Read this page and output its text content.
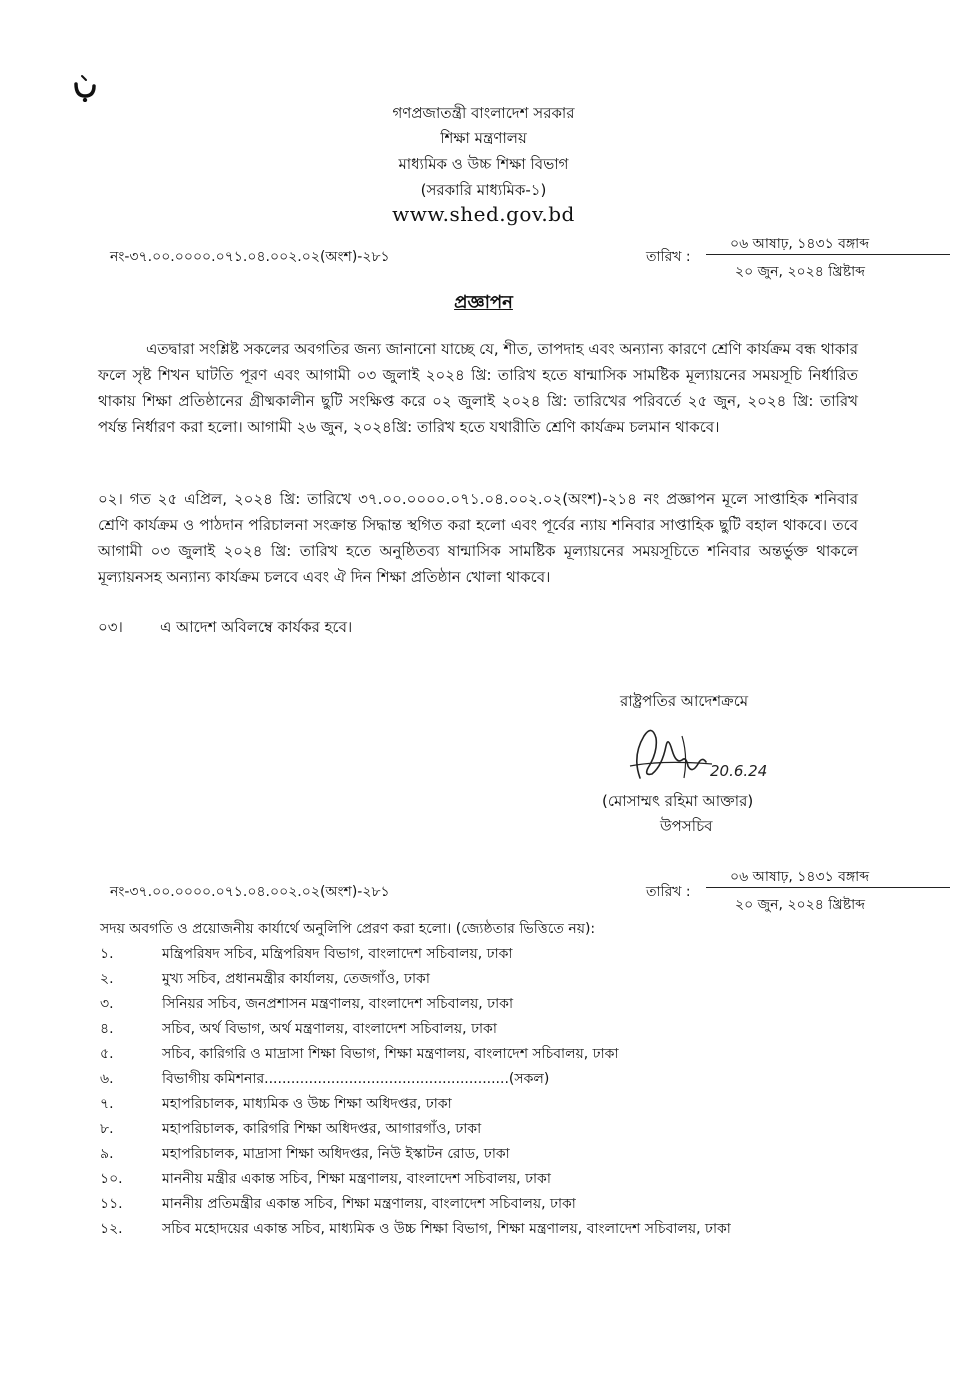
গণপ্রজাতন্ত্রী বাংলাদেশ সরকার
শিক্ষা মন্ত্রণালয়
মাধ্যমিক ও উচ্চ শিক্ষা বিভাগ
(সরকারি মাধ্যমিক-১)
www.shed.gov.bd
নং-৩৭.০০.০০০০.০৭১.০৪.০০২.০২(অংশ)-২৮১	তারিখ :
০৬ আষাঢ়, ১৪৩১ বঙ্গাব্দ
২০ জুন, ২০২৪ খ্রিষ্টাব্দ
প্রজ্ঞাপন

এতদ্বারা সংশ্লিষ্ট সকলের অবগতির জন্য জানানো যাচ্ছে যে, শীত, তাপদাহ এবং অন্যান্য কারণে শ্রেণি কার্যক্রম বন্ধ থাকার ফলে সৃষ্ট শিখন ঘাটতি পূরণ এবং আগামী ০৩ জুলাই ২০২৪ খ্রি: তারিখ হতে ষান্মাসিক সামষ্টিক মূল্যায়নের সময়সূচি নির্ধারিত থাকায় শিক্ষা প্রতিষ্ঠানের গ্রীষ্মকালীন ছুটি সংক্ষিপ্ত করে ০২ জুলাই ২০২৪ খ্রি: তারিখের পরিবর্তে ২৫ জুন, ২০২৪ খ্রি: তারিখ পর্যন্ত নির্ধারণ করা হলো। আগামী ২৬ জুন, ২০২৪খ্রি: তারিখ হতে যথারীতি শ্রেণি কার্যক্রম চলমান থাকবে।

০২। গত ২৫ এপ্রিল, ২০২৪ খ্রি: তারিখে ৩৭.০০.০০০০.০৭১.০৪.০০২.০২(অংশ)-২১৪ নং প্রজ্ঞাপন মূলে সাপ্তাহিক শনিবার শ্রেণি কার্যক্রম ও পাঠদান পরিচালনা সংক্রান্ত সিদ্ধান্ত স্থগিত করা হলো এবং পূর্বের ন্যায় শনিবার সাপ্তাহিক ছুটি বহাল থাকবে। তবে আগামী ০৩ জুলাই ২০২৪ খ্রি: তারিখ হতে অনুষ্ঠিতব্য ষান্মাসিক সামষ্টিক মূল্যায়নের সময়সূচিতে শনিবার অন্তর্ভুক্ত থাকলে মূল্যায়নসহ অন্যান্য কার্যক্রম চলবে এবং ঐ দিন শিক্ষা প্রতিষ্ঠান খোলা থাকবে।

০৩। এ আদেশ অবিলম্বে কার্যকর হবে।
রাষ্ট্রপতির আদেশক্রমে
20.6.24
(মোসাম্মৎ রহিমা আক্তার)
উপসচিব
নং-৩৭.০০.০০০০.০৭১.০৪.০০২.০২(অংশ)-২৮১	তারিখ :
০৬ আষাঢ়, ১৪৩১ বঙ্গাব্দ
২০ জুন, ২০২৪ খ্রিষ্টাব্দ
সদয় অবগতি ও প্রয়োজনীয় কার্যার্থে অনুলিপি প্রেরণ করা হলো। (জ্যেষ্ঠতার ভিত্তিতে নয়):
১.	মন্ত্রিপরিষদ সচিব, মন্ত্রিপরিষদ বিভাগ, বাংলাদেশ সচিবালয়, ঢাকা
২.	মুখ্য সচিব, প্রধানমন্ত্রীর কার্যালয়, তেজগাঁও, ঢাকা
৩.	সিনিয়র সচিব, জনপ্রশাসন মন্ত্রণালয়, বাংলাদেশ সচিবালয়, ঢাকা
৪.	সচিব, অর্থ বিভাগ, অর্থ মন্ত্রণালয়, বাংলাদেশ সচিবালয়, ঢাকা
৫.	সচিব, কারিগরি ও মাদ্রাসা শিক্ষা বিভাগ, শিক্ষা মন্ত্রণালয়, বাংলাদেশ সচিবালয়, ঢাকা
৬.	বিভাগীয় কমিশনার.......................................................(সকল)
৭.	মহাপরিচালক, মাধ্যমিক ও উচ্চ শিক্ষা অধিদপ্তর, ঢাকা
৮.	মহাপরিচালক, কারিগরি শিক্ষা অধিদপ্তর, আগারগাঁও, ঢাকা
৯.	মহাপরিচালক, মাদ্রাসা শিক্ষা অধিদপ্তর, নিউ ইস্কাটন রোড, ঢাকা
১০.	মাননীয় মন্ত্রীর একান্ত সচিব, শিক্ষা মন্ত্রণালয়, বাংলাদেশ সচিবালয়, ঢাকা
১১.	মাননীয় প্রতিমন্ত্রীর একান্ত সচিব, শিক্ষা মন্ত্রণালয়, বাংলাদেশ সচিবালয়, ঢাকা
১২.	সচিব মহোদয়ের একান্ত সচিব, মাধ্যমিক ও উচ্চ শিক্ষা বিভাগ, শিক্ষা মন্ত্রণালয়, বাংলাদেশ সচিবালয়, ঢাকা
